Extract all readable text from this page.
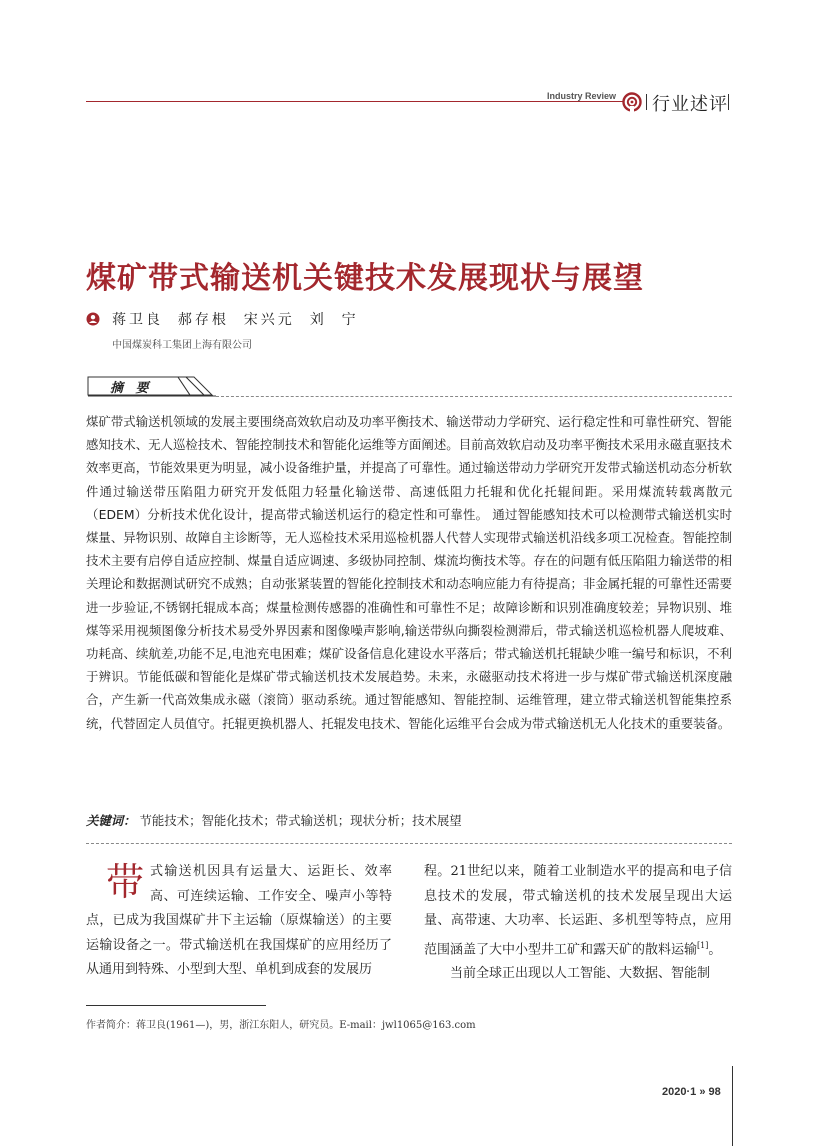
Industry Review 行业述评
煤矿带式输送机关键技术发展现状与展望
蒋卫良  郝存根  宋兴元  刘  宁
中国煤炭科工集团上海有限公司
摘 要
煤矿带式输送机领域的发展主要围绕高效软启动及功率平衡技术、输送带动力学研究、运行稳定性和可靠性研究、智能感知技术、无人巡检技术、智能控制技术和智能化运维等方面阐述。目前高效软启动及功率平衡技术采用永磁直驱技术效率更高，节能效果更为明显，减小设备维护量，并提高了可靠性。通过输送带动力学研究开发带式输送机动态分析软件通过输送带压陷阻力研究开发低阻力轻量化输送带、高速低阻力托辊和优化托辊间距。采用煤流转载离散元（EDEM）分析技术优化设计，提高带式输送机运行的稳定性和可靠性。 通过智能感知技术可以检测带式输送机实时煤量、异物识别、故障自主诊断等，无人巡检技术采用巡检机器人代替人实现带式输送机沿线多项工况检查。智能控制技术主要有启停自适应控制、煤量自适应调速、多级协同控制、煤流均衡技术等。存在的问题有低压陷阻力输送带的相关理论和数据测试研究不成熟；自动张紧装置的智能化控制技术和动态响应能力有待提高；非金属托辊的可靠性还需要进一步验证,不锈钢托辊成本高；煤量检测传感器的准确性和可靠性不足；故障诊断和识别准确度较差；异物识别、堆煤等采用视频图像分析技术易受外界因素和图像噪声影响,输送带纵向撕裂检测滞后，带式输送机巡检机器人爬坡难、功耗高、续航差,功能不足,电池充电困难；煤矿设备信息化建设水平落后；带式输送机托辊缺少唯一编号和标识，不利于辨识。节能低碳和智能化是煤矿带式输送机技术发展趋势。未来，永磁驱动技术将进一步与煤矿带式输送机深度融合，产生新一代高效集成永磁（滚筒）驱动系统。通过智能感知、智能控制、运维管理，建立带式输送机智能集控系统，代替固定人员值守。托辊更换机器人、托辊发电技术、智能化运维平台会成为带式输送机无人化技术的重要装备。
关键词： 节能技术；智能化技术；带式输送机；现状分析；技术展望
带式输送机因具有运量大、运距长、效率高、可连续运输、工作安全、噪声小等特点，已成为我国煤矿井下主运输（原煤输送）的主要运输设备之一。带式输送机在我国煤矿的应用经历了从通用到特殊、小型到大型、单机到成套的发展历
程。21世纪以来，随着工业制造水平的提高和电子信息技术的发展，带式输送机的技术发展呈现出大运量、高带速、大功率、长运距、多机型等特点，应用范围涵盖了大中小型井工矿和露天矿的散料运输[1]。
当前全球正出现以人工智能、大数据、智能制
作者简介：蒋卫良(1961—)，男，浙江东阳人，研究员。E-mail：jwl1065@163.com
2020·1 » 98
